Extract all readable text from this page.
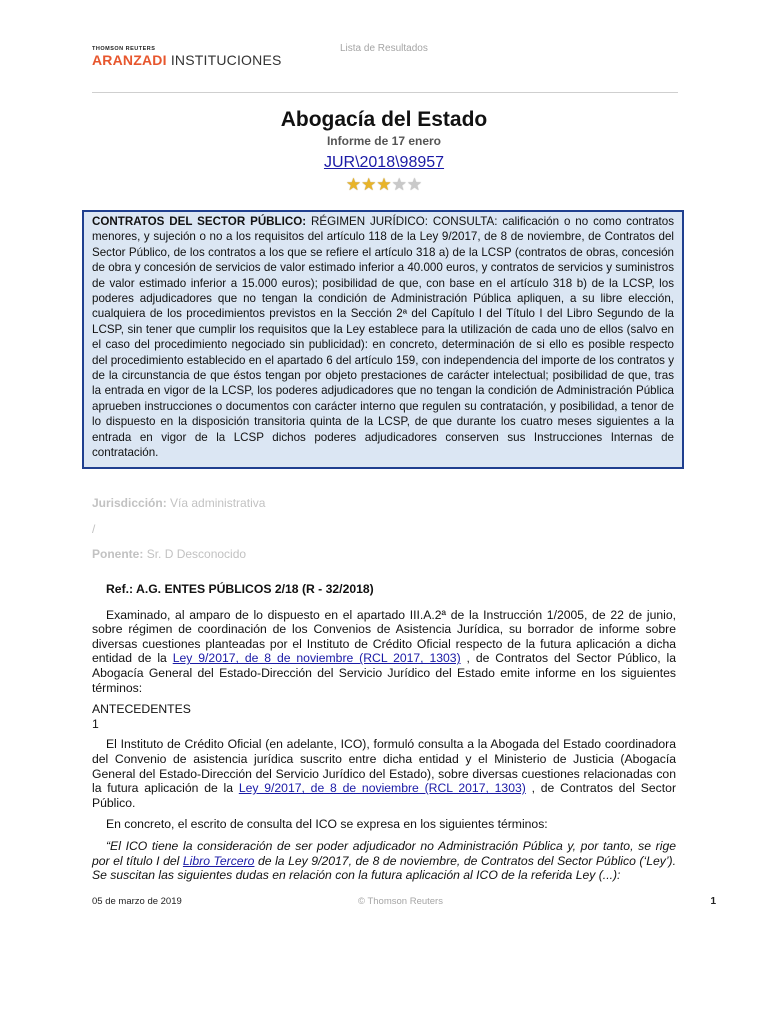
THOMSON REUTERS
ARANZADI INSTITUCIONES
Lista de Resultados
Abogacía del Estado
Informe de 17 enero
JUR\2018\98957
★ ★ ★ ★ ★
CONTRATOS DEL SECTOR PÚBLICO: RÉGIMEN JURÍDICO: CONSULTA: calificación o no como contratos menores, y sujeción o no a los requisitos del artículo 118 de la Ley 9/2017, de 8 de noviembre, de Contratos del Sector Público, de los contratos a los que se refiere el artículo 318 a) de la LCSP (contratos de obras, concesión de obra y concesión de servicios de valor estimado inferior a 40.000 euros, y contratos de servicios y suministros de valor estimado inferior a 15.000 euros); posibilidad de que, con base en el artículo 318 b) de la LCSP, los poderes adjudicadores que no tengan la condición de Administración Pública apliquen, a su libre elección, cualquiera de los procedimientos previstos en la Sección 2ª del Capítulo I del Título I del Libro Segundo de la LCSP, sin tener que cumplir los requisitos que la Ley establece para la utilización de cada uno de ellos (salvo en el caso del procedimiento negociado sin publicidad): en concreto, determinación de si ello es posible respecto del procedimiento establecido en el apartado 6 del artículo 159, con independencia del importe de los contratos y de la circunstancia de que éstos tengan por objeto prestaciones de carácter intelectual; posibilidad de que, tras la entrada en vigor de la LCSP, los poderes adjudicadores que no tengan la condición de Administración Pública aprueben instrucciones o documentos con carácter interno que regulen su contratación, y posibilidad, a tenor de lo dispuesto en la disposición transitoria quinta de la LCSP, de que durante los cuatro meses siguientes a la entrada en vigor de la LCSP dichos poderes adjudicadores conserven sus Instrucciones Internas de contratación.
Jurisdicción: Vía administrativa
/
Ponente: Sr. D Desconocido

Ref.: A.G. ENTES PÚBLICOS 2/18 (R - 32/2018)

Examinado, al amparo de lo dispuesto en el apartado III.A.2ª de la Instrucción 1/2005, de 22 de junio, sobre régimen de coordinación de los Convenios de Asistencia Jurídica, su borrador de informe sobre diversas cuestiones planteadas por el Instituto de Crédito Oficial respecto de la futura aplicación a dicha entidad de la Ley 9/2017, de 8 de noviembre (RCL 2017, 1303) , de Contratos del Sector Público, la Abogacía General del Estado-Dirección del Servicio Jurídico del Estado emite informe en los siguientes términos:

ANTECEDENTES
1

El Instituto de Crédito Oficial (en adelante, ICO), formuló consulta a la Abogada del Estado coordinadora del Convenio de asistencia jurídica suscrito entre dicha entidad y el Ministerio de Justicia (Abogacía General del Estado-Dirección del Servicio Jurídico del Estado), sobre diversas cuestiones relacionadas con la futura aplicación de la Ley 9/2017, de 8 de noviembre (RCL 2017, 1303) , de Contratos del Sector Público.

En concreto, el escrito de consulta del ICO se expresa en los siguientes términos:

“El ICO tiene la consideración de ser poder adjudicador no Administración Pública y, por tanto, se rige por el título I del Libro Tercero de la Ley 9/2017, de 8 de noviembre, de Contratos del Sector Público (‘Ley’). Se suscitan las siguientes dudas en relación con la futura aplicación al ICO de la referida Ley (...):

05 de marzo de 2019	© Thomson Reuters	1
